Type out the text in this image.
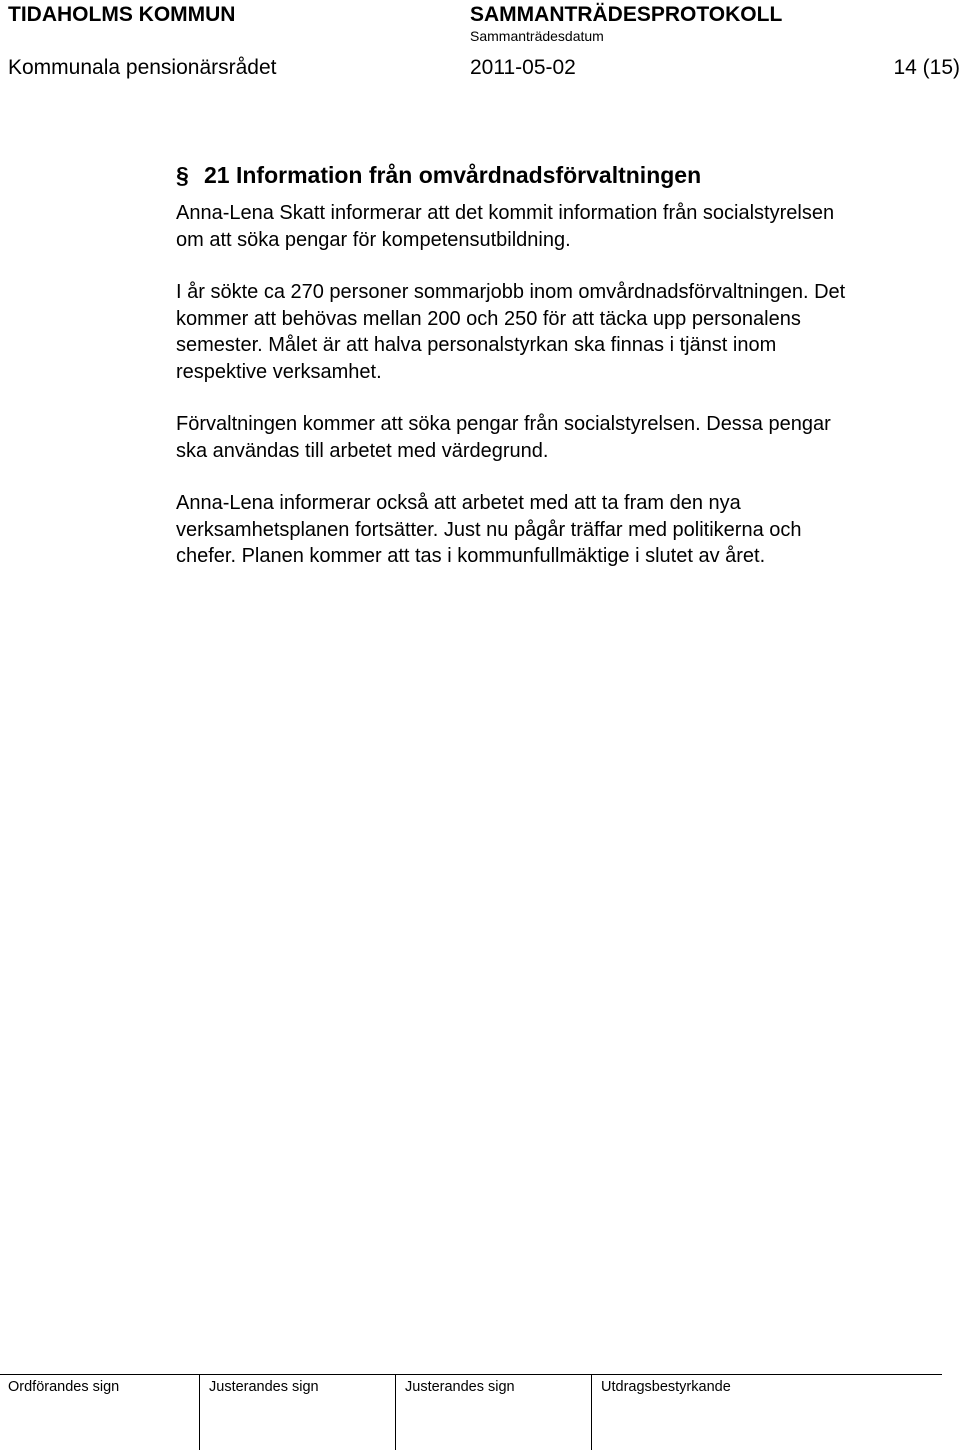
TIDAHOLMS KOMMUN	SAMMANTRÄDESPROTOKOLL
Sammanträdesdatum
Kommunala pensionärsrådet	2011-05-02	14 (15)
§ 21 Information från omvårdnadsförvaltningen
Anna-Lena Skatt informerar att det kommit information från socialstyrelsen
om att söka pengar för kompetensutbildning.
I år sökte ca 270 personer sommarjobb inom omvårdnadsförvaltningen. Det
kommer att behövas mellan 200 och 250 för att täcka upp personalens
semester. Målet är att halva personalstyrkan ska finnas i tjänst inom
respektive verksamhet.
Förvaltningen kommer att söka pengar från socialstyrelsen. Dessa pengar
ska användas till arbetet med värdegrund.
Anna-Lena informerar också att arbetet med att ta fram den nya
verksamhetsplanen fortsätter. Just nu pågår träffar med politikerna och
chefer. Planen kommer att tas i kommunfullmäktige i slutet av året.
Ordförandes sign	Justerandes sign	Justerandes sign	Utdragsbestyrkande
